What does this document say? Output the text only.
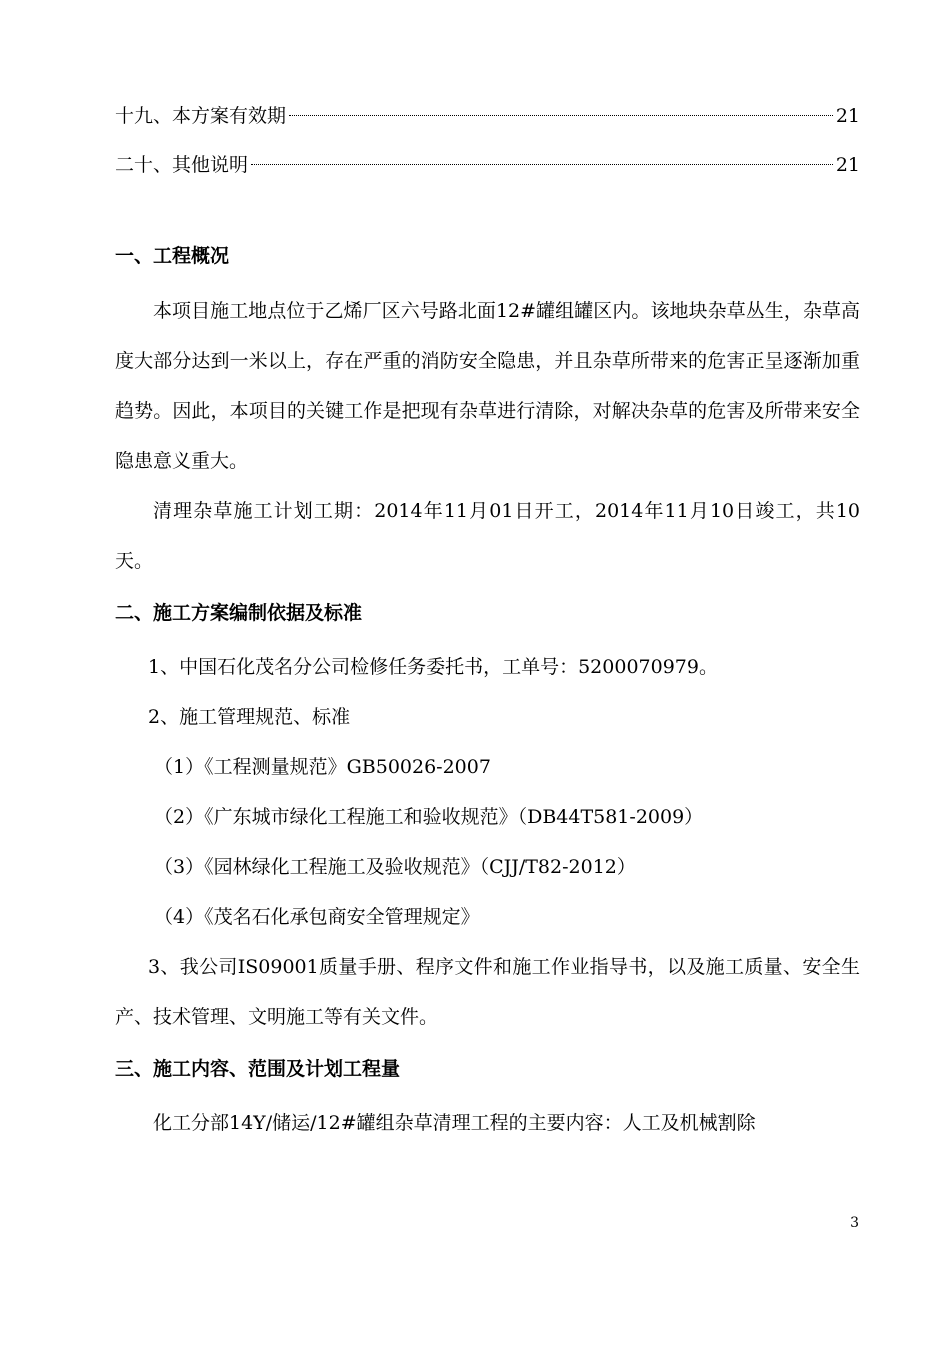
十九、本方案有效期	21
二十、其他说明	21
一、工程概况

本项目施工地点位于乙烯厂区六号路北面12#罐组罐区内。该地块杂草丛生，杂草高度大部分达到一米以上，存在严重的消防安全隐患，并且杂草所带来的危害正呈逐渐加重趋势。因此，本项目的关键工作是把现有杂草进行清除，对解决杂草的危害及所带来安全隐患意义重大。

清理杂草施工计划工期：2014年11月01日开工，2014年11月10日竣工，共10天。

二、施工方案编制依据及标准

1、中国石化茂名分公司检修任务委托书，工单号：5200070979。

2、施工管理规范、标准

（1）《工程测量规范》GB50026-2007

（2）《广东城市绿化工程施工和验收规范》（DB44T581-2009）

（3）《园林绿化工程施工及验收规范》（CJJ/T82-2012）

（4）《茂名石化承包商安全管理规定》

3、我公司IS09001质量手册、程序文件和施工作业指导书，以及施工质量、安全生产、技术管理、文明施工等有关文件。

三、施工内容、范围及计划工程量

化工分部14Y/储运/12#罐组杂草清理工程的主要内容：人工及机械割除

3
